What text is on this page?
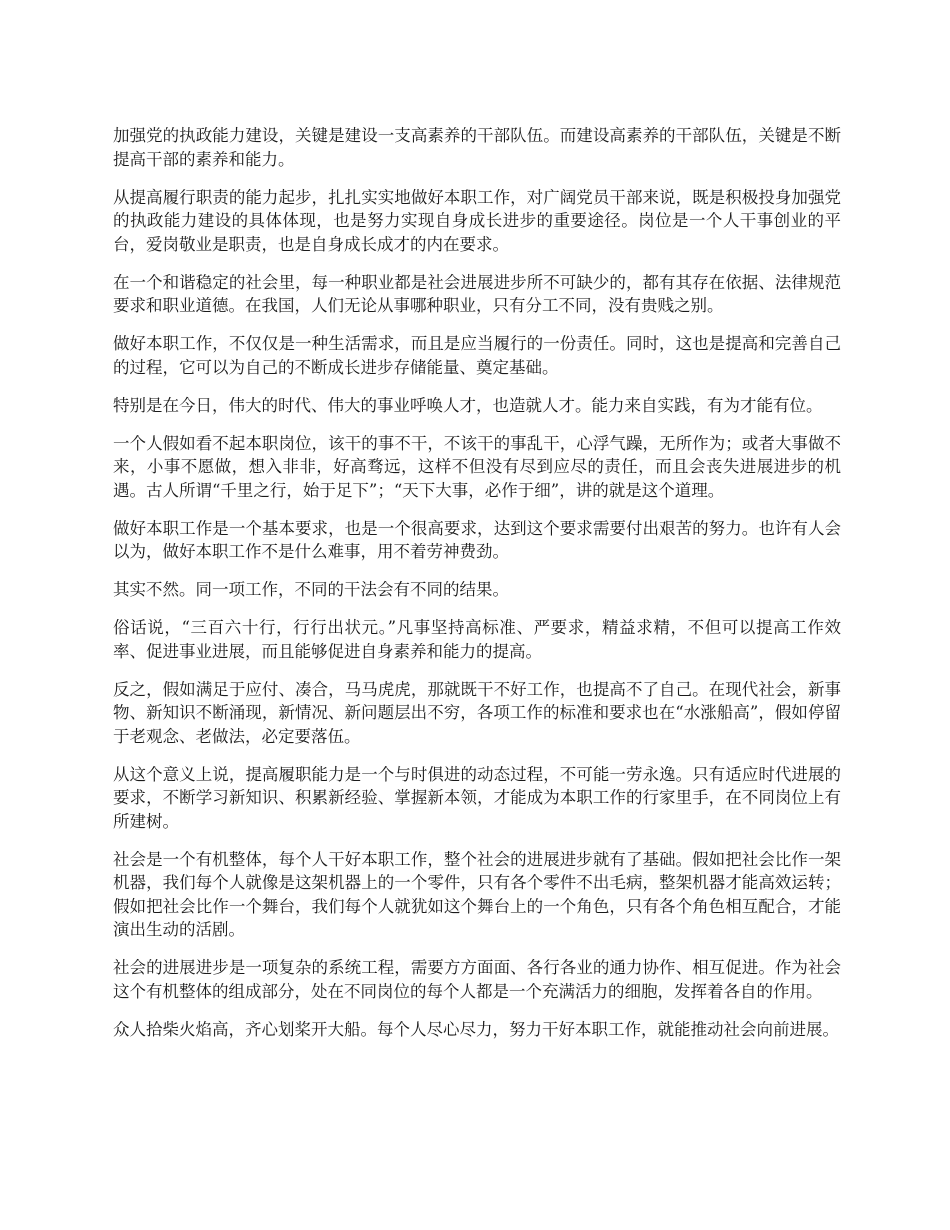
加强党的执政能力建设，关键是建设一支高素养的干部队伍。而建设高素养的干部队伍，关键是不断提高干部的素养和能力。

从提高履行职责的能力起步，扎扎实实地做好本职工作，对广阔党员干部来说，既是积极投身加强党的执政能力建设的具体体现，也是努力实现自身成长进步的重要途径。岗位是一个人干事创业的平台，爱岗敬业是职责，也是自身成长成才的内在要求。

在一个和谐稳定的社会里，每一种职业都是社会进展进步所不可缺少的，都有其存在依据、法律规范要求和职业道德。在我国，人们无论从事哪种职业，只有分工不同，没有贵贱之别。

做好本职工作，不仅仅是一种生活需求，而且是应当履行的一份责任。同时，这也是提高和完善自己的过程，它可以为自己的不断成长进步存储能量、奠定基础。

特别是在今日，伟大的时代、伟大的事业呼唤人才，也造就人才。能力来自实践，有为才能有位。

一个人假如看不起本职岗位，该干的事不干，不该干的事乱干，心浮气躁，无所作为；或者大事做不来，小事不愿做，想入非非，好高骛远，这样不但没有尽到应尽的责任，而且会丧失进展进步的机遇。古人所谓“千里之行，始于足下”；“天下大事，必作于细”，讲的就是这个道理。

做好本职工作是一个基本要求，也是一个很高要求，达到这个要求需要付出艰苦的努力。也许有人会以为，做好本职工作不是什么难事，用不着劳神费劲。

其实不然。同一项工作，不同的干法会有不同的结果。

俗话说，“三百六十行，行行出状元。”凡事坚持高标准、严要求，精益求精，不但可以提高工作效率、促进事业进展，而且能够促进自身素养和能力的提高。

反之，假如满足于应付、凑合，马马虎虎，那就既干不好工作，也提高不了自己。在现代社会，新事物、新知识不断涌现，新情况、新问题层出不穷，各项工作的标准和要求也在“水涨船高”，假如停留于老观念、老做法，必定要落伍。

从这个意义上说，提高履职能力是一个与时俱进的动态过程，不可能一劳永逸。只有适应时代进展的要求，不断学习新知识、积累新经验、掌握新本领，才能成为本职工作的行家里手，在不同岗位上有所建树。

社会是一个有机整体，每个人干好本职工作，整个社会的进展进步就有了基础。假如把社会比作一架机器，我们每个人就像是这架机器上的一个零件，只有各个零件不出毛病，整架机器才能高效运转；假如把社会比作一个舞台，我们每个人就犹如这个舞台上的一个角色，只有各个角色相互配合，才能演出生动的活剧。

社会的进展进步是一项复杂的系统工程，需要方方面面、各行各业的通力协作、相互促进。作为社会这个有机整体的组成部分，处在不同岗位的每个人都是一个充满活力的细胞，发挥着各自的作用。

众人拾柴火焰高，齐心划桨开大船。每个人尽心尽力，努力干好本职工作，就能推动社会向前进展。
